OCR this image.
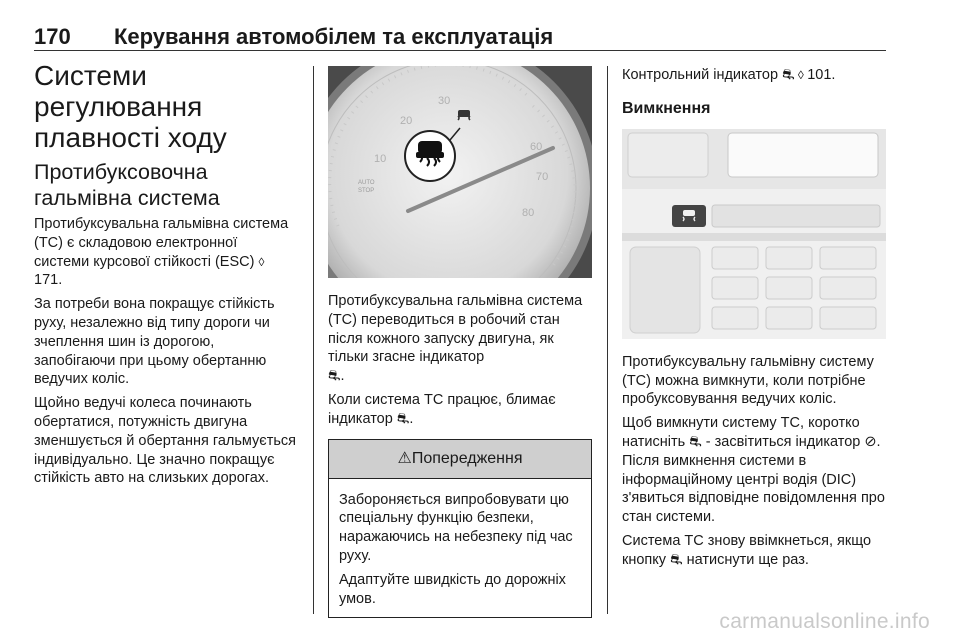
170 Керування автомобілем та експлуатація
Системи регулювання плавності ходу
Протибуксовочна гальмівна система

Протибуксувальна гальмівна система (TC) є складовою електронної системи курсової стійкості (ESC) ◊ 171.

За потреби вона покращує стійкість руху, незалежно від типу дороги чи зчеплення шин із дорогою, запобігаючи при цьому обертанню ведучих коліс.

Щойно ведучі колеса починають обертатися, потужність двигуна зменшується й обертання гальмується індивідуально. Це значно покращує стійкість авто на слизьких дорогах.

10
20
30
60
70
80
AUTO
STOP

Протибуксувальна гальмівна система (TC) переводиться в робочий стан після кожного запуску двигуна, як тільки згасне індикатор
⛐.

Коли система TC працює, блимає індикатор ⛐.

⚠Попередження

Забороняється випробовувати цю спеціальну функцію безпеки, наражаючись на небезпеку під час руху.

Адаптуйте швидкість до дорожніх умов.

Контрольний індикатор ⛐ ◊ 101.

Вимкнення

Протибуксувальну гальмівну систему (TC) можна вимкнути, коли потрібне пробуксовування ведучих коліс.

Щоб вимкнути систему TC, коротко натисніть ⛐ - засвітиться індикатор ⊘. Після вимкнення системи в інформаційному центрі водія (DIC) з'явиться відповідне повідомлення про стан системи.

Система TC знову ввімкнеться, якщо кнопку ⛐ натиснути ще раз.

carmanualsonline.info
